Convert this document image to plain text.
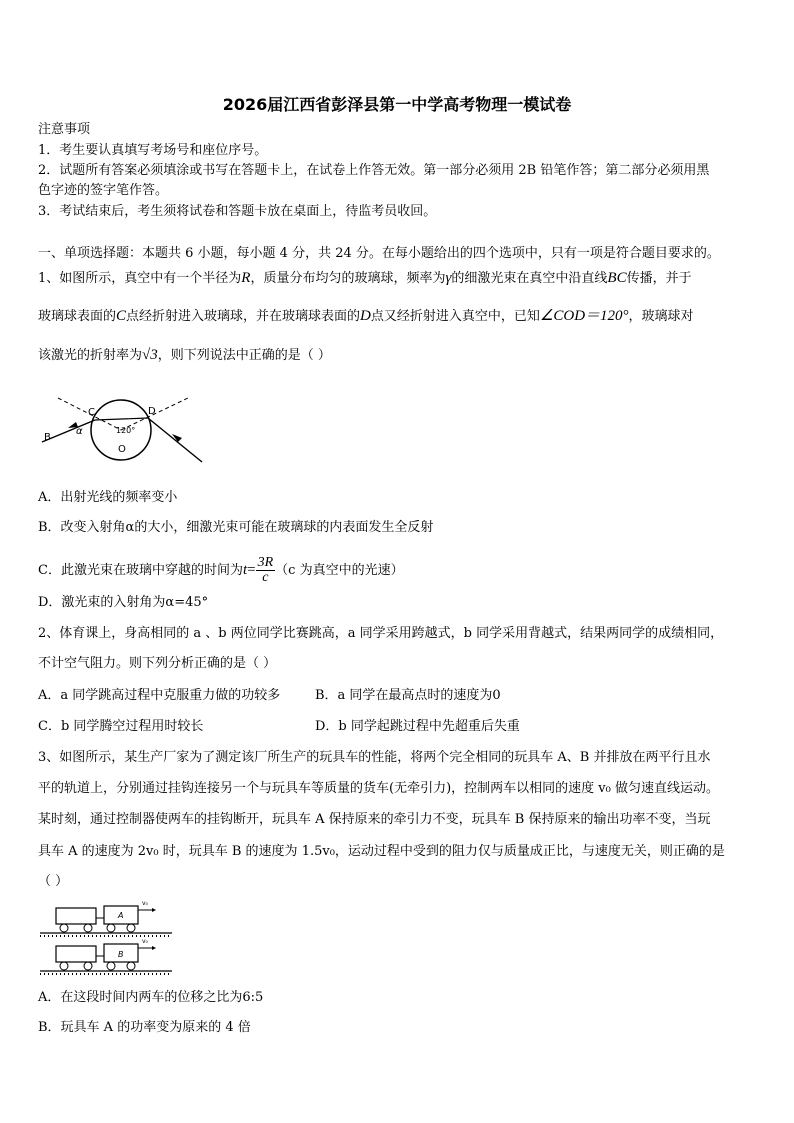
2026届江西省彭泽县第一中学高考物理一模试卷
注意事项
1．考生要认真填写考场号和座位序号。
2．试题所有答案必须填涂或书写在答题卡上，在试卷上作答无效。第一部分必须用 2B 铅笔作答；第二部分必须用黑
色字迹的签字笔作答。
3．考试结束后，考生须将试卷和答题卡放在桌面上，待监考员收回。
一、单项选择题：本题共 6 小题，每小题 4 分，共 24 分。在每小题给出的四个选项中，只有一项是符合题目要求的。
1、如图所示，真空中有一个半径为R，质量分布均匀的玻璃球，频率为γ的细激光束在真空中沿直线BC传播，并于
玻璃球表面的C点经折射进入玻璃球，并在玻璃球表面的D点又经折射进入真空中，已知∠COD＝120°，玻璃球对
该激光的折射率为√3，则下列说法中正确的是（ ）
B
C	D
O
α	120°
A．出射光线的频率变小
B．改变入射角α的大小，细激光束可能在玻璃球的内表面发生全反射
C．此激光束在玻璃中穿越的时间为$t= \frac{3R}{c} (c$ 为真空中的光速）
D．激光束的入射角为α=45°
2、体育课上，身高相同的 a 、b 两位同学比赛跳高，a 同学采用跨越式，b 同学采用背越式，结果两同学的成绩相同，
不计空气阻力。则下列分析正确的是（ ）
A．a 同学跳高过程中克服重力做的功较多	B．a 同学在最高点时的速度为0
C．b 同学腾空过程用时较长	D．b 同学起跳过程中先超重后失重
3、如图所示，某生产厂家为了测定该厂所生产的玩具车的性能，将两个完全相同的玩具车 A、B 并排放在两平行且水
平的轨道上，分别通过挂钩连接另一个与玩具车等质量的货车(无牵引力)，控制两车以相同的速度 v₀ 做匀速直线运动。
某时刻，通过控制器使两车的挂钩断开，玩具车 A 保持原来的牵引力不变，玩具车 B 保持原来的输出功率不变，当玩
具车 A 的速度为 2v₀ 时，玩具车 B 的速度为 1.5v₀，运动过程中受到的阻力仅与质量成正比，与速度无关，则正确的是
（ ）
A
v₀
B
v₀
A．在这段时间内两车的位移之比为6:5
B．玩具车 A 的功率变为原来的 4 倍
